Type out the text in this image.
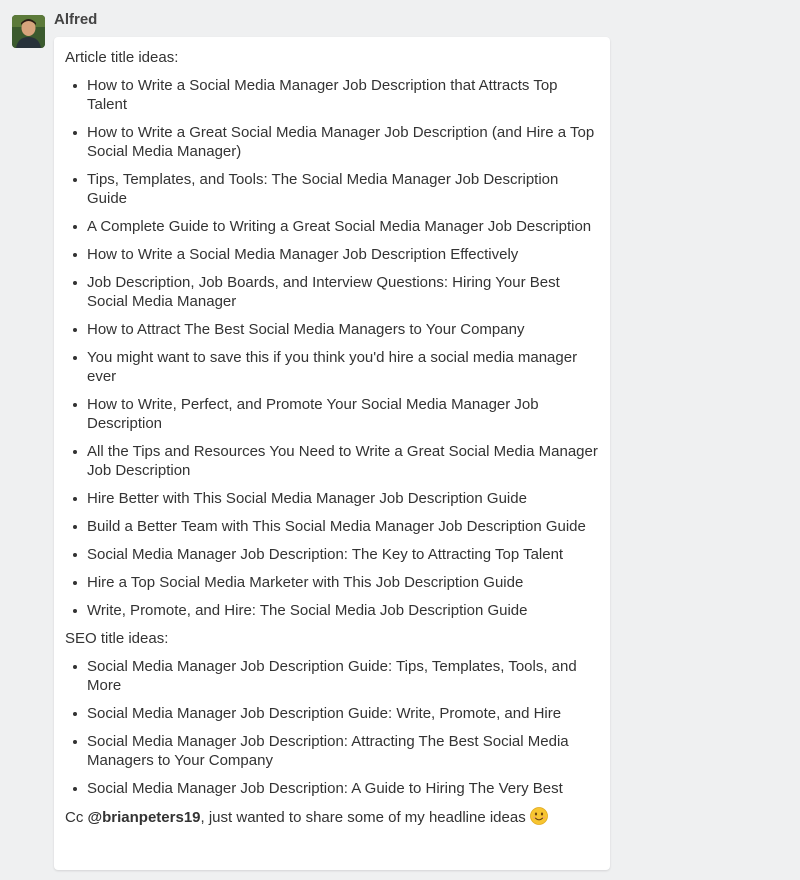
Alfred
Article title ideas:
How to Write a Social Media Manager Job Description that Attracts Top Talent
How to Write a Great Social Media Manager Job Description (and Hire a Top Social Media Manager)
Tips, Templates, and Tools: The Social Media Manager Job Description Guide
A Complete Guide to Writing a Great Social Media Manager Job Description
How to Write a Social Media Manager Job Description Effectively
Job Description, Job Boards, and Interview Questions: Hiring Your Best Social Media Manager
How to Attract The Best Social Media Managers to Your Company
You might want to save this if you think you'd hire a social media manager ever
How to Write, Perfect, and Promote Your Social Media Manager Job Description
All the Tips and Resources You Need to Write a Great Social Media Manager Job Description
Hire Better with This Social Media Manager Job Description Guide
Build a Better Team with This Social Media Manager Job Description Guide
Social Media Manager Job Description: The Key to Attracting Top Talent
Hire a Top Social Media Marketer with This Job Description Guide
Write, Promote, and Hire: The Social Media Job Description Guide
SEO title ideas:
Social Media Manager Job Description Guide: Tips, Templates, Tools, and More
Social Media Manager Job Description Guide: Write, Promote, and Hire
Social Media Manager Job Description: Attracting The Best Social Media Managers to Your Company
Social Media Manager Job Description: A Guide to Hiring The Very Best
Cc @brianpeters19, just wanted to share some of my headline ideas
